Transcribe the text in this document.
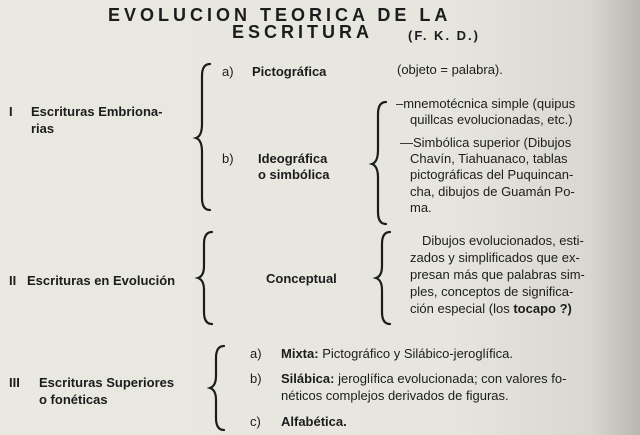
EVOLUCION TEORICA DE LA
ESCRITURA	(F. K. D.)
I Escrituras Embriona-
rias
a) Pictográfica	(objeto = palabra).
b) Ideográfica
o simbólica
–mnemotécnica simple (quipus
quillcas evolucionadas, etc.)
—Simbólica superior (Dibujos
Chavín, Tiahuanaco, tablas
pictográficas del Puquincan-
cha, dibujos de Guamán Po-
ma.
II Escrituras en Evolución	Conceptual
Dibujos evolucionados, esti-
zados y simplificados que ex-
presan más que palabras sim-
ples, conceptos de significa-
ción especial (los tocapo ?)
III Escrituras Superiores
o fonéticas
a) Mixta: Pictográfico y Silábico-jeroglífica.
b) Silábica: jeroglífica evolucionada; con valores fo-
néticos complejos derivados de figuras.
c) Alfabética.
